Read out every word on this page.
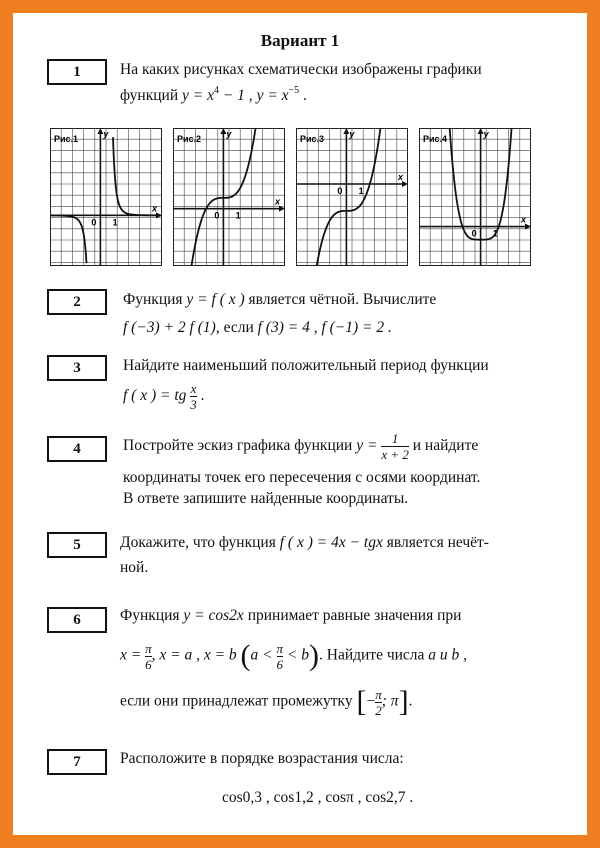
Вариант 1
1	На каких рисунках схематически изображены графики
функций $y = x^4 - 1$ , $y = x^{-5}$ .
Рис.1
x
y
0 1
Рис.2
x
y
0 1
Рис.3
x
y
0 1
Рис.4
x
y
0 1
2	Функция y = f ( x ) является чётной. Вычислите
f (−3) + 2 f (1), если f (3) = 4 , f (−1) = 2 .
3	Найдите наименьший положительный период функции
f ( x ) = tg $\frac{x}{3}$ .
4	Постройте эскиз графика функции $y = \frac{1}{x + 2}$ и найдите
координаты точек его пересечения с осями координат.
В ответе запишите найденные координаты.
5	Докажите, что функция f ( x ) = 4x − tgx является нечёт-
ной.
6	Функция y = cos2x принимает равные значения при
$x = \frac{\pi}{6}$ , x = a , x = b $(a < \frac{\pi}{6} < b)$. Найдите числа a и b ,
если они принадлежат промежутку [− $\frac{\pi}{2}$ ; π].
7	Расположите в порядке возрастания числа:
cos0,3 , cos1,2 , cosπ , cos2,7 .
